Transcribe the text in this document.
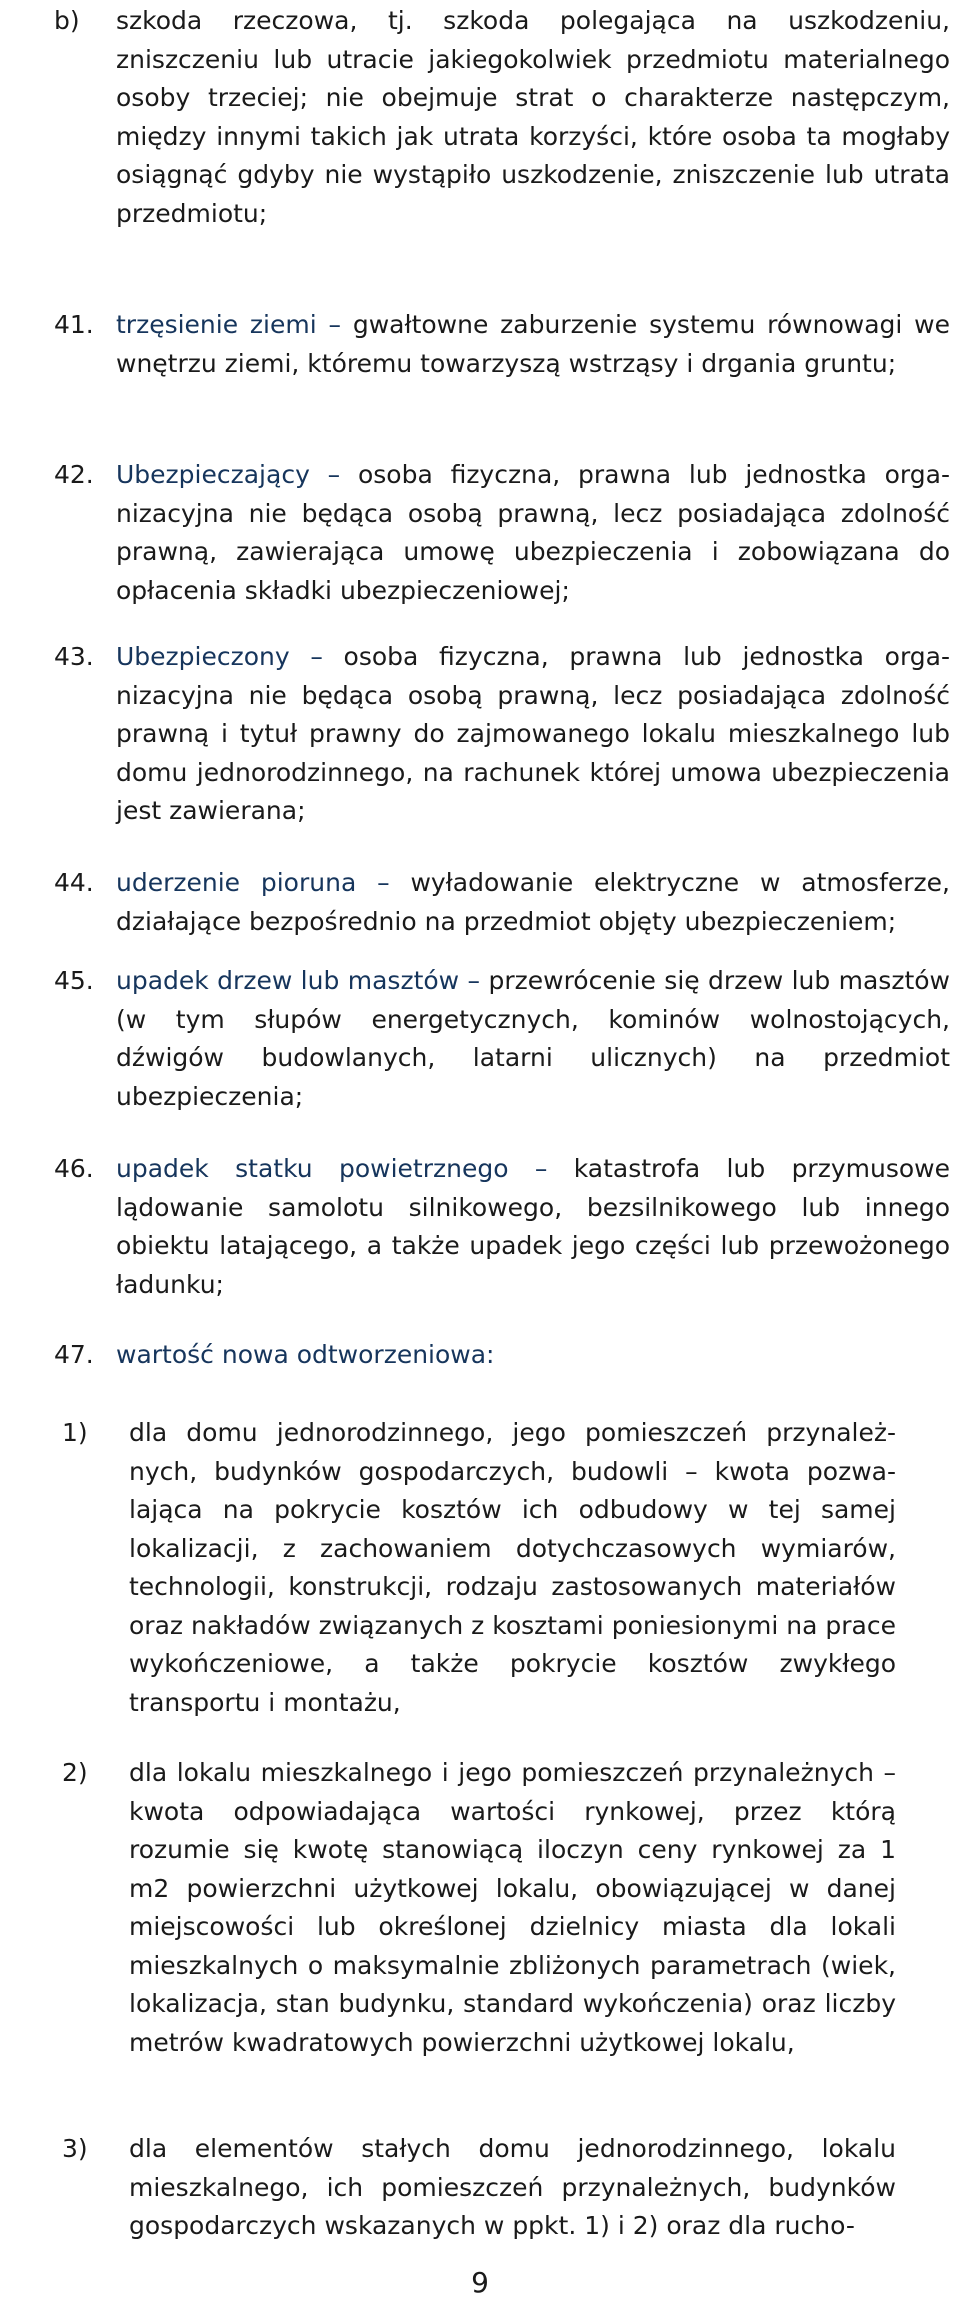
b) szkoda rzeczowa, tj. szkoda polegająca na uszkodzeniu, zniszczeniu lub utracie jakiegokolwiek przedmiotu materialnego osoby trzeciej; nie obejmuje strat o charakterze następczym, między innymi takich jak utrata korzyści, które osoba ta mogłaby osiągnąć gdyby nie wystąpiło uszkodzenie, zniszczenie lub utrata przedmiotu;
41. trzęsienie ziemi – gwałtowne zaburzenie systemu równowagi we wnętrzu ziemi, któremu towarzyszą wstrząsy i drgania gruntu;
42. Ubezpieczający – osoba fizyczna, prawna lub jednostka organizacyjna nie będąca osobą prawną, lecz posiadająca zdolność prawną, zawierająca umowę ubezpieczenia i zobowiązana do opłacenia składki ubezpieczeniowej;
43. Ubezpieczony – osoba fizyczna, prawna lub jednostka organizacyjna nie będąca osobą prawną, lecz posiadająca zdolność prawną i tytuł prawny do zajmowanego lokalu mieszkalnego lub domu jednorodzinnego, na rachunek której umowa ubezpieczenia jest zawierana;
44. uderzenie pioruna – wyładowanie elektryczne w atmosferze, działające bezpośrednio na przedmiot objęty ubezpieczeniem;
45. upadek drzew lub masztów – przewrócenie się drzew lub masztów (w tym słupów energetycznych, kominów wolnostojących, dźwigów budowlanych, latarni ulicznych) na przedmiot ubezpieczenia;
46. upadek statku powietrznego – katastrofa lub przymusowe lądowanie samolotu silnikowego, bezsilnikowego lub innego obiektu latającego, a także upadek jego części lub przewożonego ładunku;
47. wartość nowa odtworzeniowa:
1) dla domu jednorodzinnego, jego pomieszczeń przynależnych, budynków gospodarczych, budowli – kwota pozwalająca na pokrycie kosztów ich odbudowy w tej samej lokalizacji, z zachowaniem dotychczasowych wymiarów, technologii, konstrukcji, rodzaju zastosowanych materiałów oraz nakładów związanych z kosztami poniesionymi na prace wykończeniowe, a także pokrycie kosztów zwykłego transportu i montażu,
2) dla lokalu mieszkalnego i jego pomieszczeń przynależnych – kwota odpowiadająca wartości rynkowej, przez którą rozumie się kwotę stanowiącą iloczyn ceny rynkowej za 1 m2 powierzchni użytkowej lokalu, obowiązującej w danej miejscowości lub określonej dzielnicy miasta dla lokali mieszkalnych o maksymalnie zbliżonych parametrach (wiek, lokalizacja, stan budynku, standard wykończenia) oraz liczby metrów kwadratowych powierzchni użytkowej lokalu,
3) dla elementów stałych domu jednorodzinnego, lokalu mieszkalnego, ich pomieszczeń przynależnych, budynków gospodarczych wskazanych w ppkt. 1) i 2) oraz dla rucho-
9
